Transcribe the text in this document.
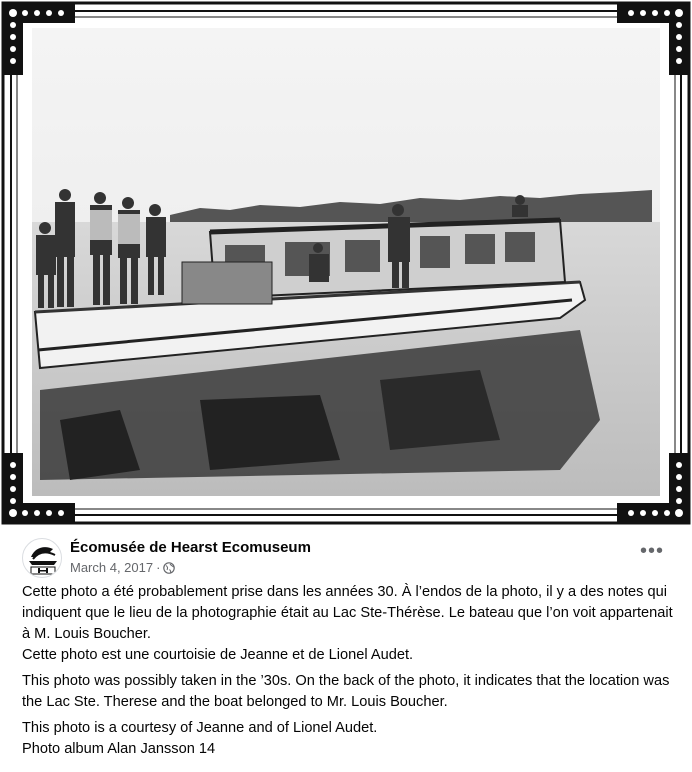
Écomusée de Hearst Ecomuseum
March 4, 2017 ·
•••

Cette photo a été probablement prise dans les années 30. À l’endos de la photo, il y a des notes qui indiquent que le lieu de la photographie était au Lac Ste-Thérèse. Le bateau que l’on voit appartenait à M. Louis Boucher.

Cette photo est une courtoisie de Jeanne et de Lionel Audet.

This photo was possibly taken in the ’30s. On the back of the photo, it indicates that the location was the Lac Ste. Therese and the boat belonged to Mr. Louis Boucher.

This photo is a courtesy of Jeanne and of Lionel Audet.

Photo album Alan Jansson 14
